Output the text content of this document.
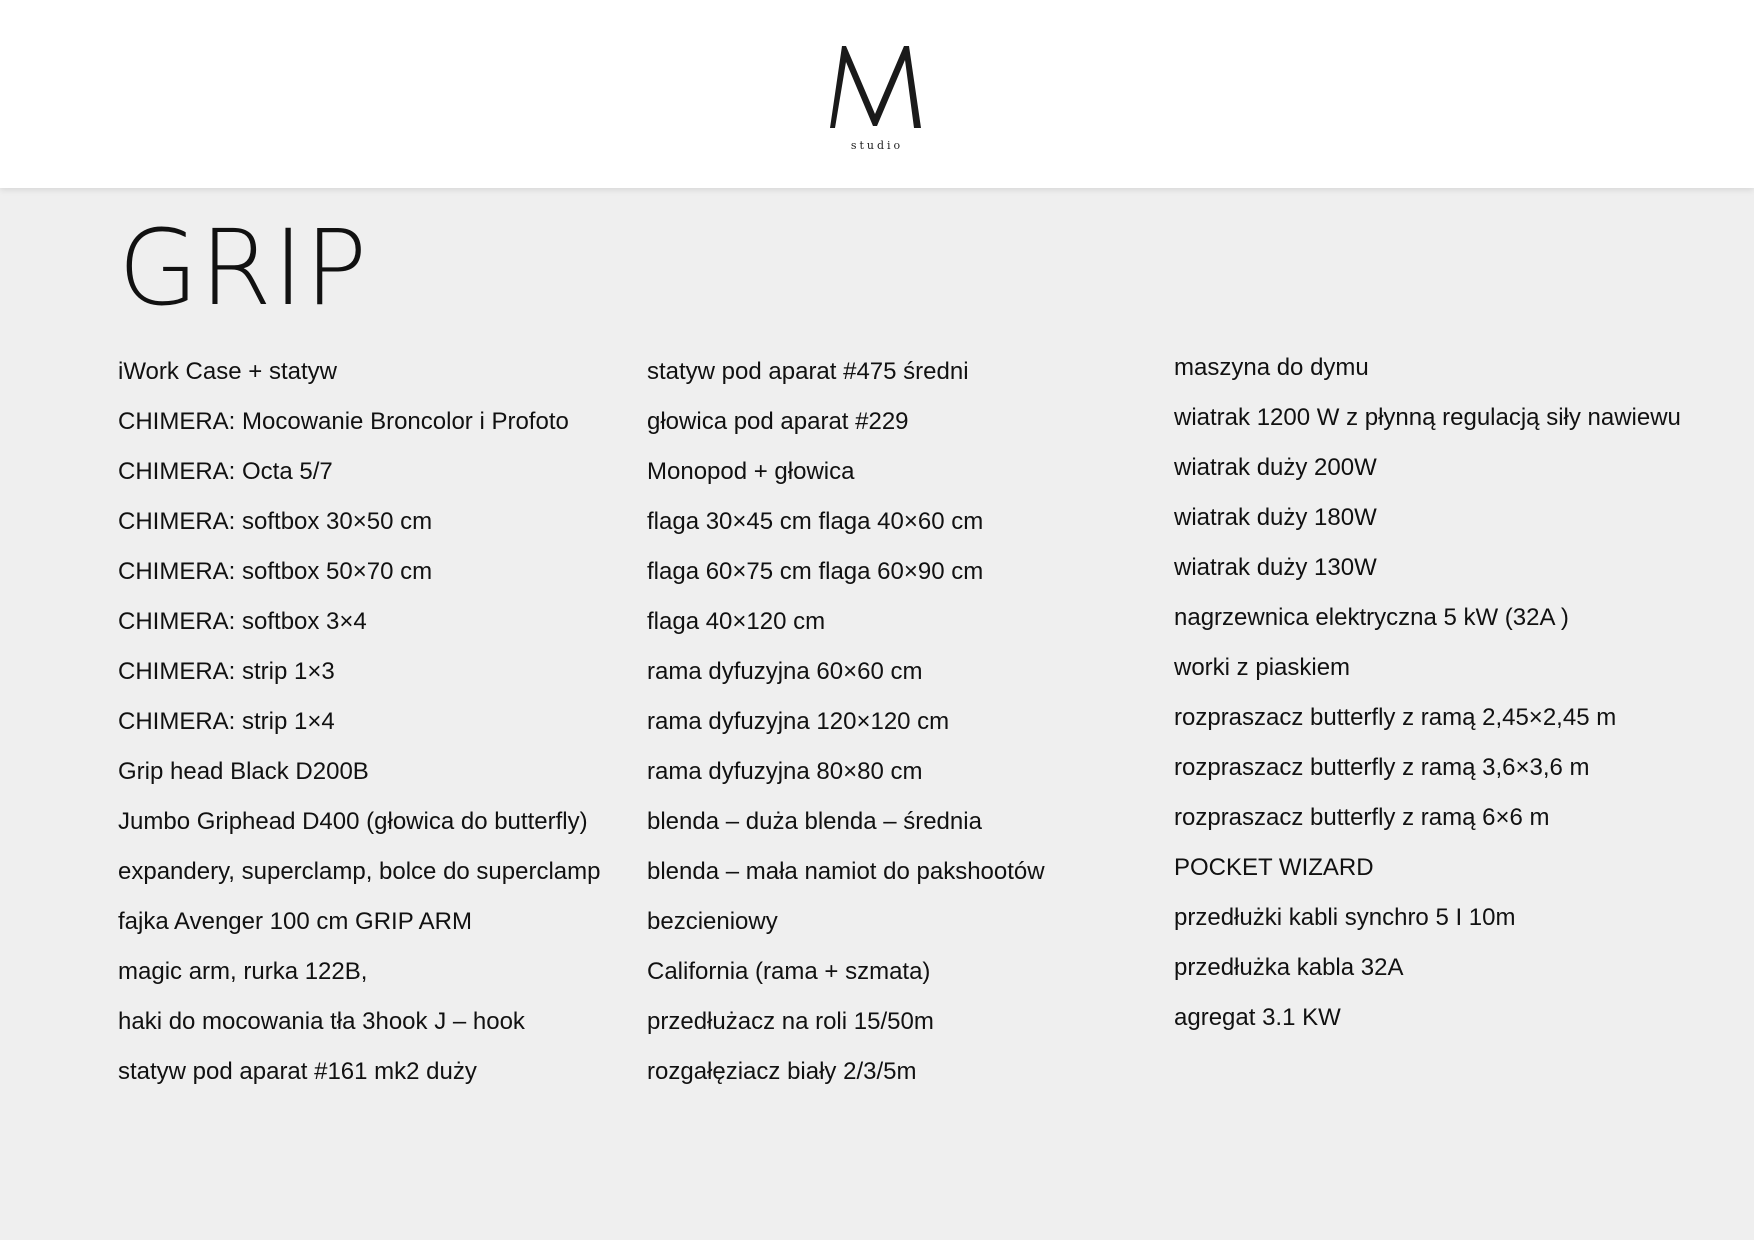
studio
GRIP
iWork Case + statyw
CHIMERA: Mocowanie Broncolor i Profoto
CHIMERA: Octa 5/7
CHIMERA: softbox 30×50 cm
CHIMERA: softbox 50×70 cm
CHIMERA: softbox 3×4
CHIMERA: strip 1×3
CHIMERA: strip 1×4
Grip head Black D200B
Jumbo Griphead D400 (głowica do butterfly)
expandery, superclamp, bolce do superclamp
fajka Avenger 100 cm GRIP ARM
magic arm, rurka 122B,
haki do mocowania tła 3hook J – hook
statyw pod aparat #161 mk2 duży
statyw pod aparat #475 średni
głowica pod aparat #229
Monopod + głowica
flaga 30×45 cm flaga 40×60 cm
flaga 60×75 cm flaga 60×90 cm
flaga 40×120 cm
rama dyfuzyjna 60×60 cm
rama dyfuzyjna 120×120 cm
rama dyfuzyjna 80×80 cm
blenda – duża blenda – średnia
blenda – mała namiot do pakshootów
bezcieniowy
California (rama + szmata)
przedłużacz na roli 15/50m
rozgałęziacz biały 2/3/5m
maszyna do dymu
wiatrak 1200 W z płynną regulacją siły nawiewu
wiatrak duży 200W
wiatrak duży 180W
wiatrak duży 130W
nagrzewnica elektryczna 5 kW (32A )
worki z piaskiem
rozpraszacz butterfly z ramą 2,45×2,45 m
rozpraszacz butterfly z ramą 3,6×3,6 m
rozpraszacz butterfly z ramą 6×6 m
POCKET WIZARD
przedłużki kabli synchro 5 I 10m
przedłużka kabla 32A
agregat 3.1 KW
